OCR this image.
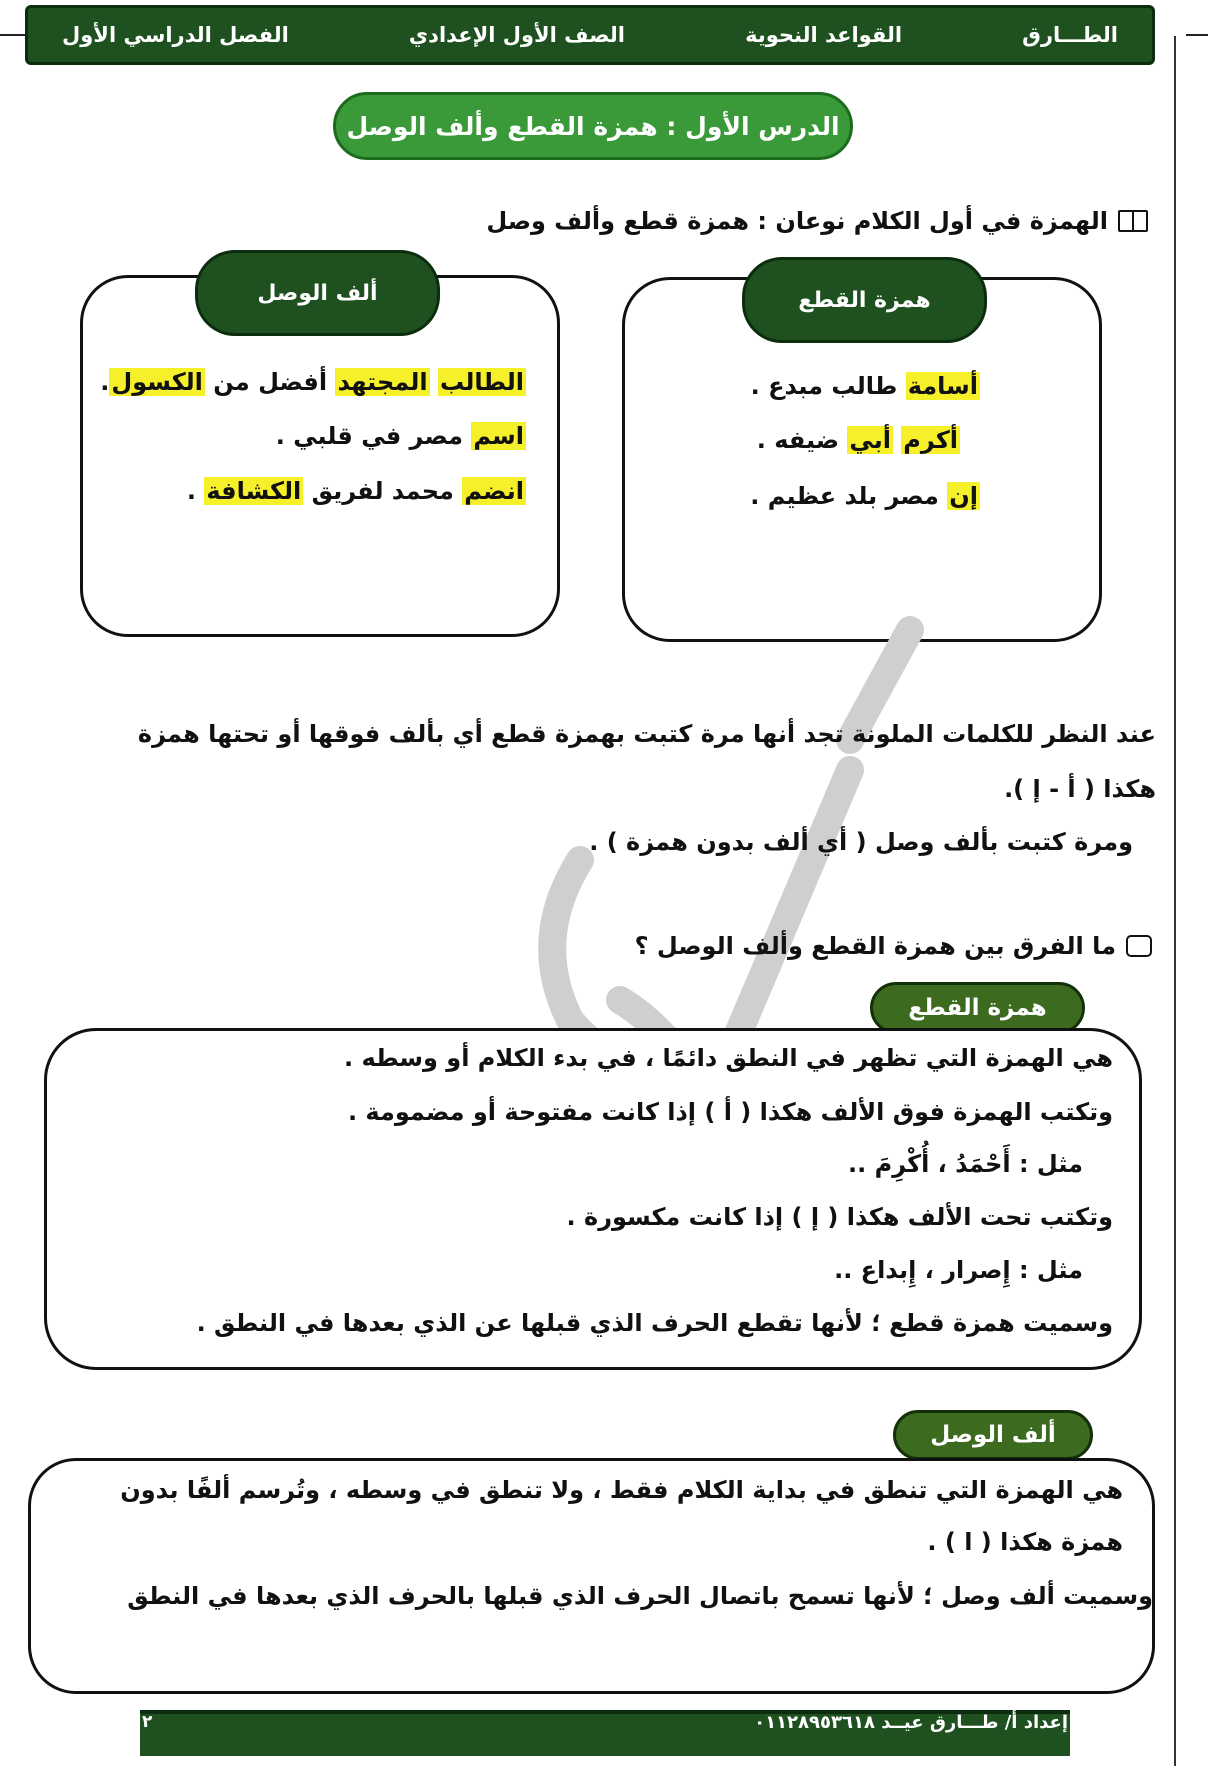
الطـــارق
القواعد النحوية
الصف الأول الإعدادي
الفصل الدراسي الأول
الدرس الأول : همزة القطع وألف الوصل
الهمزة في أول الكلام نوعان : همزة قطع وألف وصل
همزة القطع
أسامة طالب مبدع .
أكرم أبي ضيفه .
إن مصر بلد عظيم .
ألف الوصل
الطالب المجتهد أفضل من الكسول.
اسم مصر في قلبي .
انضم محمد لفريق الكشافة .
عند النظر للكلمات الملونة تجد أنها مرة كتبت بهمزة قطع أي بألف فوقها أو تحتها همزة
هكذا ( أ - إ ).
ومرة كتبت بألف وصل ( أي ألف بدون همزة ) .
ما الفرق بين همزة القطع وألف الوصل ؟
همزة القطع
هي الهمزة التي تظهر في النطق دائمًا ، في بدء الكلام أو وسطه .
وتكتب الهمزة فوق الألف هكذا ( أ ) إذا كانت مفتوحة أو مضمومة .
مثل : أَحْمَدُ ، أُكْرِمَ ..
وتكتب تحت الألف هكذا ( إ ) إذا كانت مكسورة .
مثل : إِصرار ، إِبداع ..
وسميت همزة قطع ؛ لأنها تقطع الحرف الذي قبلها عن الذي بعدها في النطق .
ألف الوصل
هي الهمزة التي تنطق في بداية الكلام فقط ، ولا تنطق في وسطه ، وتُرسم ألفًا بدون
همزة هكذا ( ا ) .
وسميت ألف وصل ؛ لأنها تسمح باتصال الحرف الذي قبلها بالحرف الذي بعدها في النطق
إعداد أ/ طـــارق عيــد ٠١١٢٨٩٥٣٦١٨
٢
